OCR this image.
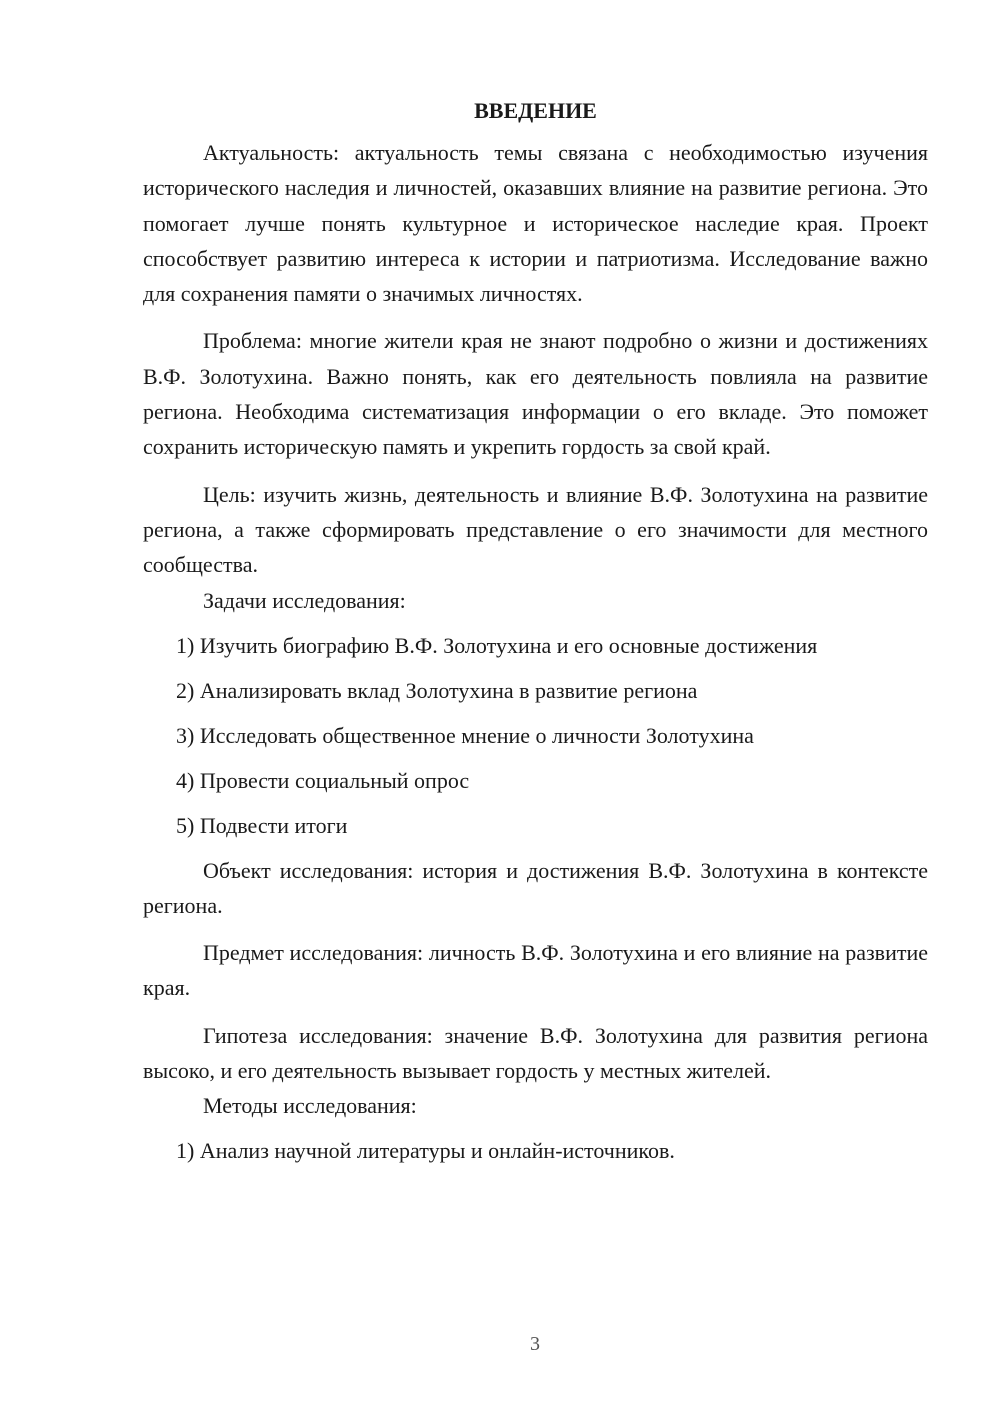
ВВЕДЕНИЕ

Актуальность: актуальность темы связана с необходимостью изучения исторического наследия и личностей, оказавших влияние на развитие региона. Это помогает лучше понять культурное и историческое наследие края. Проект способствует развитию интереса к истории и патриотизма. Исследование важно для сохранения памяти о значимых личностях.

Проблема: многие жители края не знают подробно о жизни и достижениях В.Ф. Золотухина. Важно понять, как его деятельность повлияла на развитие региона. Необходима систематизация информации о его вкладе. Это поможет сохранить историческую память и укрепить гордость за свой край.

Цель: изучить жизнь, деятельность и влияние В.Ф. Золотухина на развитие региона, а также сформировать представление о его значимости для местного сообщества.

Задачи исследования:

1) Изучить биографию В.Ф. Золотухина и его основные достижения
2) Анализировать вклад Золотухина в развитие региона
3) Исследовать общественное мнение о личности Золотухина
4) Провести социальный опрос
5) Подвести итоги

Объект исследования: история и достижения В.Ф. Золотухина в контексте региона.

Предмет исследования: личность В.Ф. Золотухина и его влияние на развитие края.

Гипотеза исследования: значение В.Ф. Золотухина для развития региона высоко, и его деятельность вызывает гордость у местных жителей.

Методы исследования:

1) Анализ научной литературы и онлайн-источников.
3
